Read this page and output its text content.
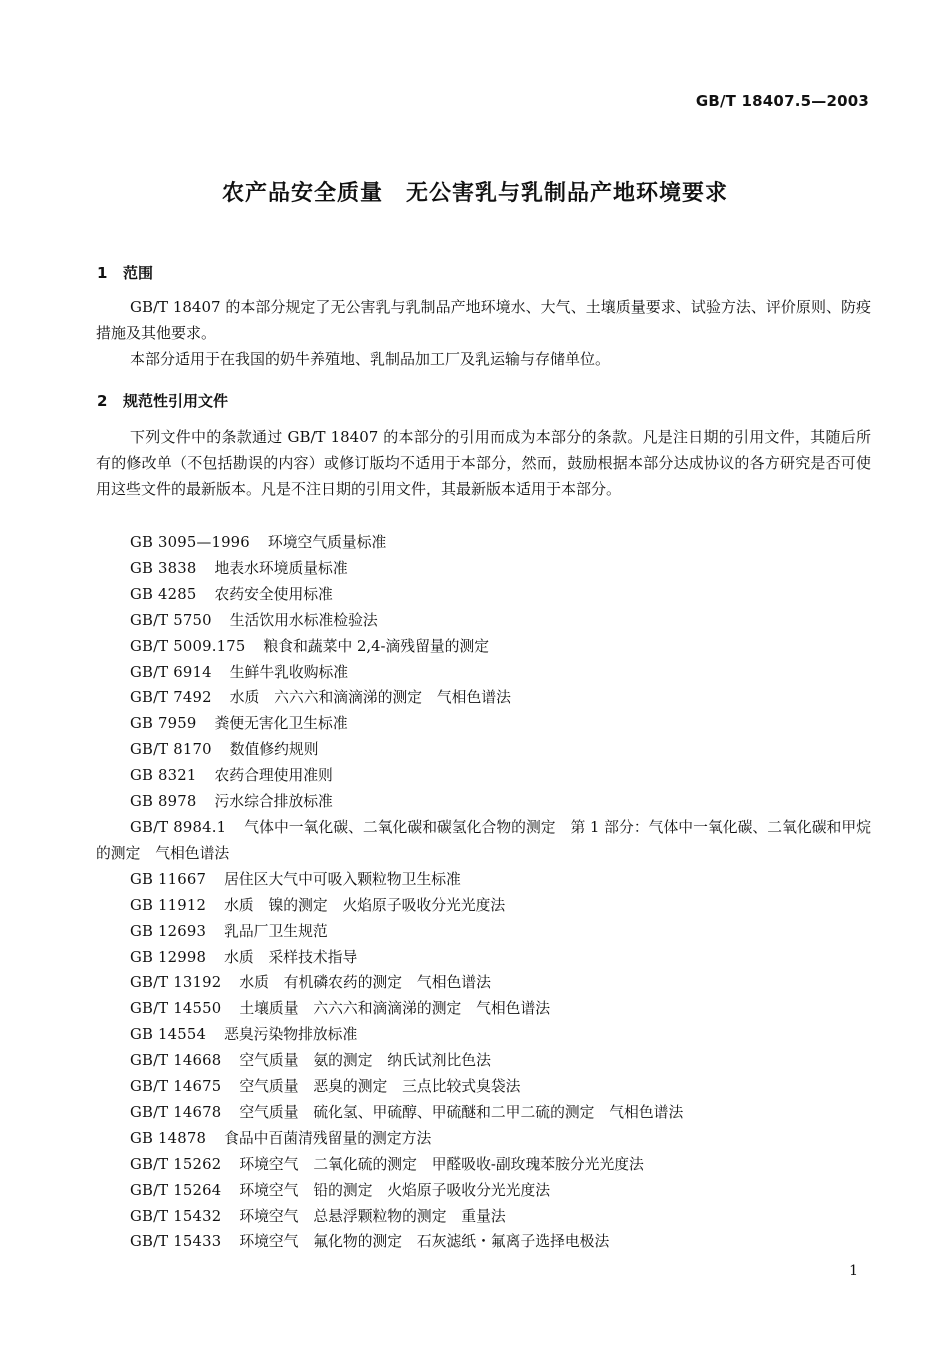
GB/T 18407.5—2003
农产品安全质量　无公害乳与乳制品产地环境要求
1 范围

GB/T 18407 的本部分规定了无公害乳与乳制品产地环境水、大气、土壤质量要求、试验方法、评价原则、防疫措施及其他要求。

本部分适用于在我国的奶牛养殖地、乳制品加工厂及乳运输与存储单位。

2 规范性引用文件

下列文件中的条款通过 GB/T 18407 的本部分的引用而成为本部分的条款。凡是注日期的引用文件，其随后所有的修改单（不包括勘误的内容）或修订版均不适用于本部分，然而，鼓励根据本部分达成协议的各方研究是否可使用这些文件的最新版本。凡是不注日期的引用文件，其最新版本适用于本部分。

GB 3095—1996 环境空气质量标准
GB 3838 地表水环境质量标准
GB 4285 农药安全使用标准
GB/T 5750 生活饮用水标准检验法
GB/T 5009.175 粮食和蔬菜中 2,4-滴残留量的测定
GB/T 6914 生鲜牛乳收购标准
GB/T 7492 水质　六六六和滴滴涕的测定　气相色谱法
GB 7959 粪便无害化卫生标准
GB/T 8170 数值修约规则
GB 8321 农药合理使用准则
GB 8978 污水综合排放标准
GB/T 8984.1 气体中一氧化碳、二氧化碳和碳氢化合物的测定　第 1 部分：气体中一氧化碳、二氧化碳和甲烷的测定　气相色谱法
GB 11667 居住区大气中可吸入颗粒物卫生标准
GB 11912 水质　镍的测定　火焰原子吸收分光光度法
GB 12693 乳品厂卫生规范
GB 12998 水质　采样技术指导
GB/T 13192 水质　有机磷农药的测定　气相色谱法
GB/T 14550 土壤质量　六六六和滴滴涕的测定　气相色谱法
GB 14554 恶臭污染物排放标准
GB/T 14668 空气质量　氨的测定　纳氏试剂比色法
GB/T 14675 空气质量　恶臭的测定　三点比较式臭袋法
GB/T 14678 空气质量　硫化氢、甲硫醇、甲硫醚和二甲二硫的测定　气相色谱法
GB 14878 食品中百菌清残留量的测定方法
GB/T 15262 环境空气　二氧化硫的测定　甲醛吸收-副玫瑰苯胺分光光度法
GB/T 15264 环境空气　铅的测定　火焰原子吸收分光光度法
GB/T 15432 环境空气　总悬浮颗粒物的测定　重量法
GB/T 15433 环境空气　氟化物的测定　石灰滤纸・氟离子选择电极法
1
